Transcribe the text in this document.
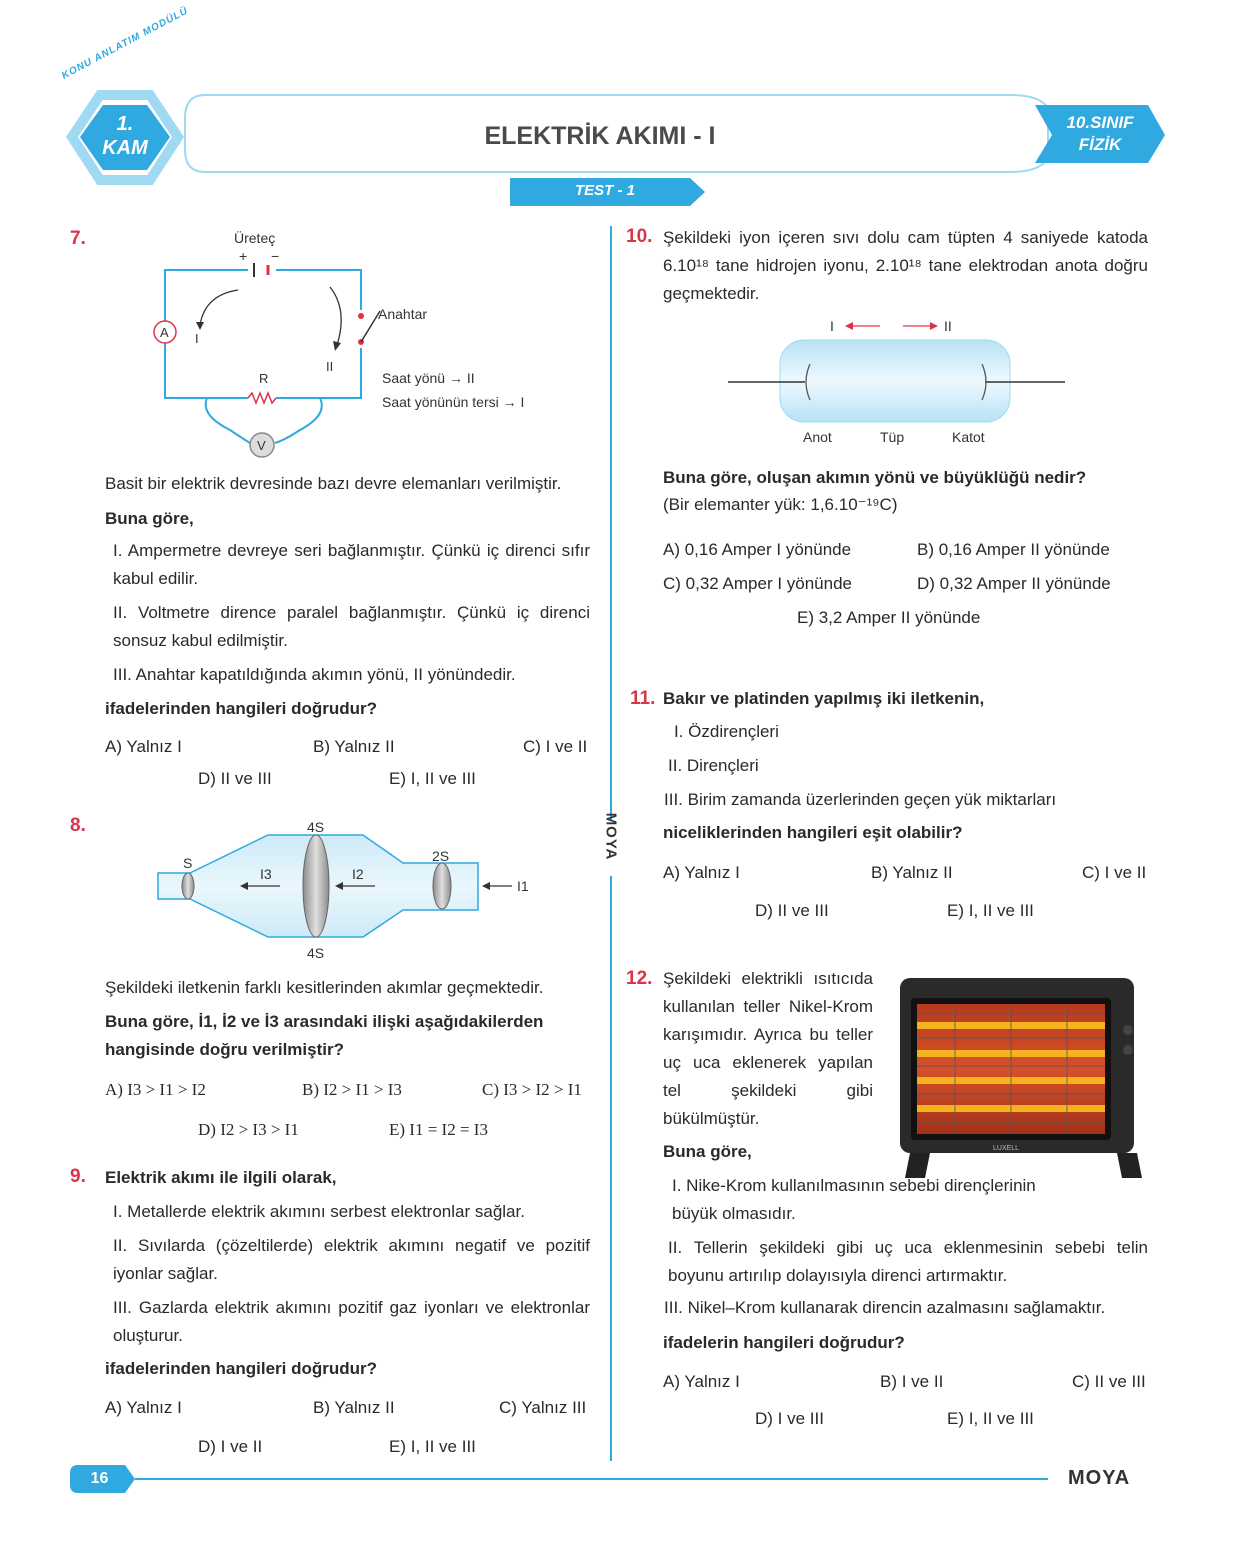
KONU ANLATIM MODÜLÜ
1.
KAM	ELEKTRİK AKIMI - I	10.SINIF
FİZİK
TEST - 1
7.	Üreteç
+ −
A I
II
R
V
Anahtar
Saat yönü → II
Saat yönünün tersi → I
Basit bir elektrik devresinde bazı devre elemanları verilmiştir.
Buna göre,
I. Ampermetre devreye seri bağlanmıştır. Çünkü iç direnci sıfır kabul edilir.
II. Voltmetre dirence paralel bağlanmıştır. Çünkü iç direnci sonsuz kabul edilmiştir.
III. Anahtar kapatıldığında akımın yönü, II yönündedir.
ifadelerinden hangileri doğrudur?
A) Yalnız I	B) Yalnız II	C) I ve II
D) II ve III	E) I, II ve III
8.	4S
4S
S	2S
I3	I2
I1
Şekildeki iletkenin farklı kesitlerinden akımlar geçmektedir.
Buna göre, İ1, İ2 ve İ3 arasındaki ilişki aşağıdakilerden hangisinde doğru verilmiştir?
A) I3 > I1 > I2	B) I2 > I1 > I3	C) I3 > I2 > I1
D) I2 > I3 > I1	E) I1 = I2 = I3
9. Elektrik akımı ile ilgili olarak,
I. Metallerde elektrik akımını serbest elektronlar sağlar.
II. Sıvılarda (çözeltilerde) elektrik akımını negatif ve pozitif iyonlar sağlar.
III. Gazlarda elektrik akımını pozitif gaz iyonları ve elektronlar oluşturur.
ifadelerinden hangileri doğrudur?
A) Yalnız I	B) Yalnız II	C) Yalnız III
D) I ve II	E) I, II ve III
10. Şekildeki iyon içeren sıvı dolu cam tüpten 4 saniyede katoda 6.10¹⁸ tane hidrojen iyonu, 2.10¹⁸ tane elektrodan anota doğru geçmektedir.
I	II
Anot	Tüp	Katot
Buna göre, oluşan akımın yönü ve büyüklüğü nedir?
(Bir elemanter yük: 1,6.10⁻¹⁹C)
A) 0,16 Amper I yönünde	B) 0,16 Amper II yönünde
C) 0,32 Amper I yönünde	D) 0,32 Amper II yönünde
E) 3,2 Amper II yönünde
11. Bakır ve platinden yapılmış iki iletkenin,
I. Özdirençleri
II. Dirençleri
III. Birim zamanda üzerlerinden geçen yük miktarları
niceliklerinden hangileri eşit olabilir?
A) Yalnız I	B) Yalnız II	C) I ve II
D) II ve III	E) I, II ve III
12. Şekildeki elektrikli ısıtıcıda kullanılan teller Nikel-Krom karışımıdır. Ayrıca bu teller uç uca eklenerek yapılan tel şekildeki gibi bükülmüştür.
LUXELL
Buna göre,
I. Nike-Krom kullanılmasının sebebi dirençlerinin büyük olmasıdır.
II. Tellerin şekildeki gibi uç uca eklenmesinin sebebi telin boyunu artırılıp dolayısıyla direnci artırmaktır.
III. Nikel–Krom kullanarak direncin azalmasını sağlamaktır.
ifadelerin hangileri doğrudur?
A) Yalnız I	B) I ve II	C) II ve III
D) I ve III	E) I, II ve III
MOYA
16	MOYA
